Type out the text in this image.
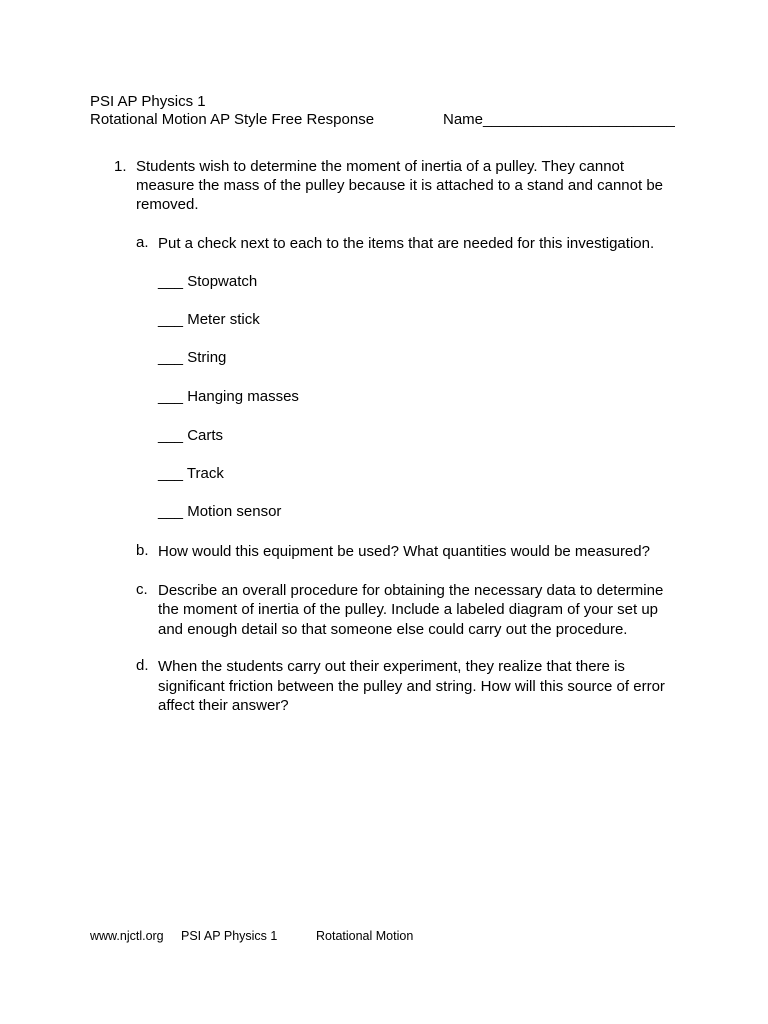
PSI AP Physics 1
Rotational Motion AP Style Free Response	Name_______________________
1. Students wish to determine the moment of inertia of a pulley. They cannot
measure the mass of the pulley because it is attached to a stand and cannot be
removed.
a. Put a check next to each to the items that are needed for this investigation.
___ Stopwatch
___ Meter stick
___ String
___ Hanging masses
___ Carts
___ Track
___ Motion sensor
b. How would this equipment be used? What quantities would be measured?
c. Describe an overall procedure for obtaining the necessary data to determine
the moment of inertia of the pulley. Include a labeled diagram of your set up
and enough detail so that someone else could carry out the procedure.
d. When the students carry out their experiment, they realize that there is
significant friction between the pulley and string. How will this source of error
affect their answer?
www.njctl.org PSI AP Physics 1	Rotational Motion
